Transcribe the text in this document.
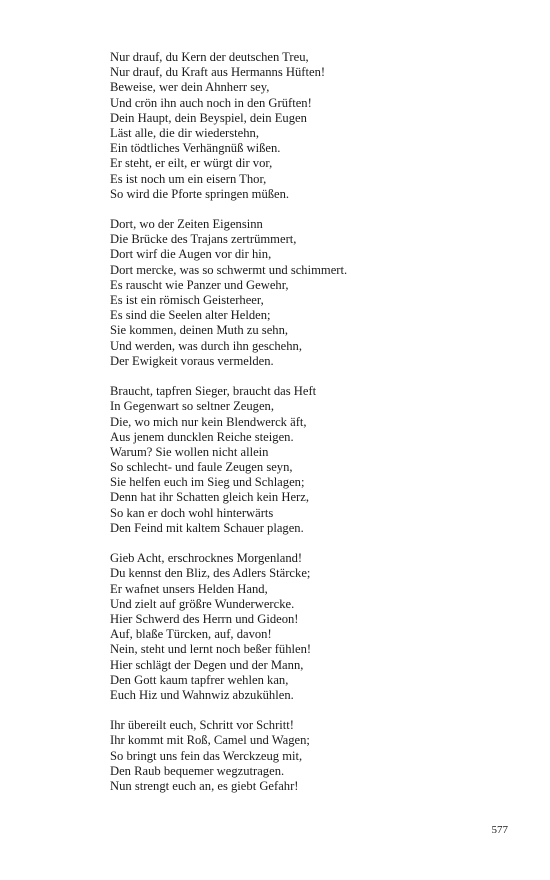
Nur drauf, du Kern der deutschen Treu,
Nur drauf, du Kraft aus Hermanns Hüften!
Beweise, wer dein Ahnherr sey,
Und crön ihn auch noch in den Grüften!
Dein Haupt, dein Beyspiel, dein Eugen
Läst alle, die dir wiederstehn,
Ein tödtliches Verhängnüß wißen.
Er steht, er eilt, er würgt dir vor,
Es ist noch um ein eisern Thor,
So wird die Pforte springen müßen.
Dort, wo der Zeiten Eigensinn
Die Brücke des Trajans zertrümmert,
Dort wirf die Augen vor dir hin,
Dort mercke, was so schwermt und schimmert.
Es rauscht wie Panzer und Gewehr,
Es ist ein römisch Geisterheer,
Es sind die Seelen alter Helden;
Sie kommen, deinen Muth zu sehn,
Und werden, was durch ihn geschehn,
Der Ewigkeit voraus vermelden.
Braucht, tapfren Sieger, braucht das Heft
In Gegenwart so seltner Zeugen,
Die, wo mich nur kein Blendwerck äft,
Aus jenem duncklen Reiche steigen.
Warum? Sie wollen nicht allein
So schlecht- und faule Zeugen seyn,
Sie helfen euch im Sieg und Schlagen;
Denn hat ihr Schatten gleich kein Herz,
So kan er doch wohl hinterwärts
Den Feind mit kaltem Schauer plagen.
Gieb Acht, erschrocknes Morgenland!
Du kennst den Bliz, des Adlers Stärcke;
Er wafnet unsers Helden Hand,
Und zielt auf größre Wunderwercke.
Hier Schwerd des Herrn und Gideon!
Auf, blaße Türcken, auf, davon!
Nein, steht und lernt noch beßer fühlen!
Hier schlägt der Degen und der Mann,
Den Gott kaum tapfrer wehlen kan,
Euch Hiz und Wahnwiz abzukühlen.
Ihr übereilt euch, Schritt vor Schritt!
Ihr kommt mit Roß, Camel und Wagen;
So bringt uns fein das Werckzeug mit,
Den Raub bequemer wegzutragen.
Nun strengt euch an, es giebt Gefahr!
577
